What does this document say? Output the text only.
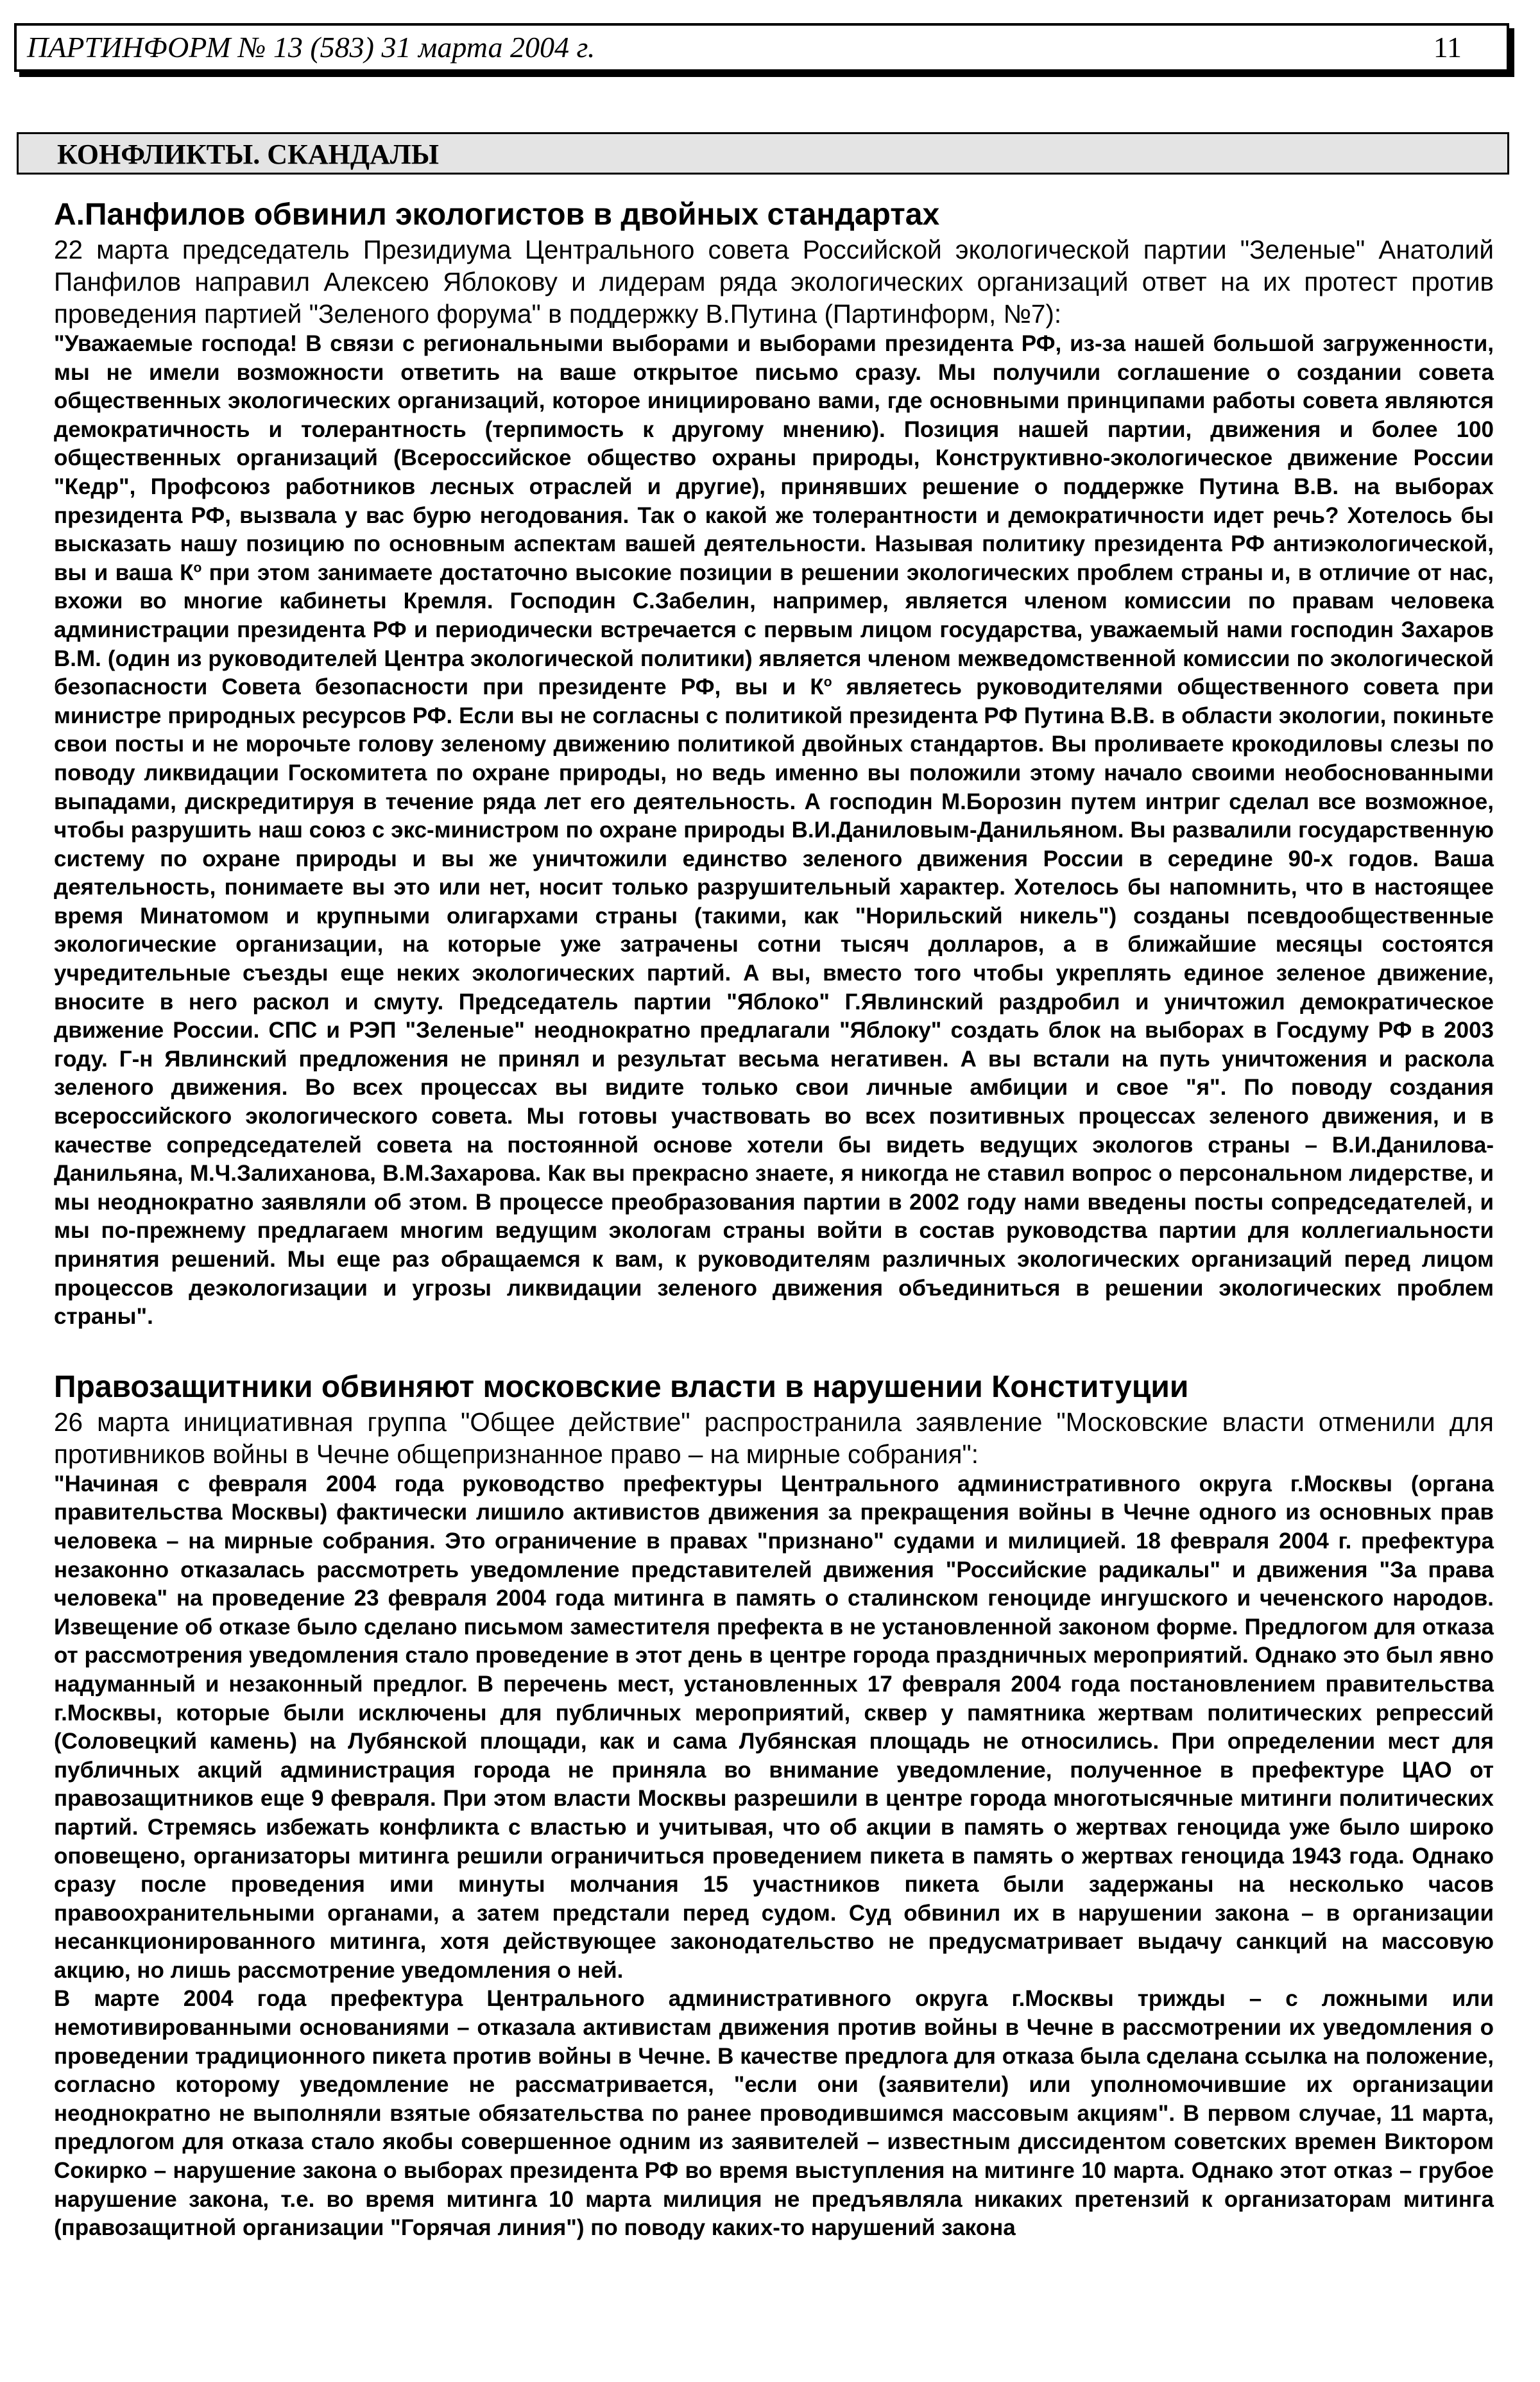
ПАРТИНФОРМ № 13 (583) 31 марта 2004 г.	11
КОНФЛИКТЫ. СКАНДАЛЫ
А.Панфилов обвинил экологистов в двойных стандартах

22 марта председатель Президиума Центрального совета Российской экологической партии "Зеленые" Анатолий Панфилов направил Алексею Яблокову и лидерам ряда экологических организаций ответ на их протест против проведения партией "Зеленого форума" в поддержку В.Путина (Партинформ, №7):

"Уважаемые господа! В связи с региональными выборами и выборами президента РФ, из-за нашей большой загруженности, мы не имели возможности ответить на ваше открытое письмо сразу. Мы получили соглашение о создании совета общественных экологических организаций, которое инициировано вами, где основными принципами работы совета являются демократичность и толерантность (терпимость к другому мнению). Позиция нашей партии, движения и более 100 общественных организаций (Всероссийское общество охраны природы, Конструктивно-экологическое движение России "Кедр", Профсоюз работников лесных отраслей и другие), принявших решение о поддержке Путина В.В. на выборах президента РФ, вызвала у вас бурю негодования. Так о какой же толерантности и демократичности идет речь? Хотелось бы высказать нашу позицию по основным аспектам вашей деятельности. Называя политику президента РФ антиэкологической, вы и ваша $К^о$ при этом занимаете достаточно высокие позиции в решении экологических проблем страны и, в отличие от нас, вхожи во многие кабинеты Кремля. Господин С.Забелин, например, является членом комиссии по правам человека администрации президента РФ и периодически встречается с первым лицом государства, уважаемый нами господин Захаров В.М. (один из руководителей Центра экологической политики) является членом межведомственной комиссии по экологической безопасности Совета безопасности при президенте РФ, вы и $К^о$ являетесь руководителями общественного совета при министре природных ресурсов РФ. Если вы не согласны с политикой президента РФ Путина В.В. в области экологии, покиньте свои посты и не морочьте голову зеленому движению политикой двойных стандартов. Вы проливаете крокодиловы слезы по поводу ликвидации Госкомитета по охране природы, но ведь именно вы положили этому начало своими необоснованными выпадами, дискредитируя в течение ряда лет его деятельность. А господин М.Борозин путем интриг сделал все возможное, чтобы разрушить наш союз с экс-министром по охране природы В.И.Даниловым-Данильяном. Вы развалили государственную систему по охране природы и вы же уничтожили единство зеленого движения России в середине 90-х годов. Ваша деятельность, понимаете вы это или нет, носит только разрушительный характер. Хотелось бы напомнить, что в настоящее время Минатомом и крупными олигархами страны (такими, как "Норильский никель") созданы псевдообщественные экологические организации, на которые уже затрачены сотни тысяч долларов, а в ближайшие месяцы состоятся учредительные съезды еще неких экологических партий. А вы, вместо того чтобы укреплять единое зеленое движение, вносите в него раскол и смуту. Председатель партии "Яблоко" Г.Явлинский раздробил и уничтожил демократическое движение России. СПС и РЭП "Зеленые" неоднократно предлагали "Яблоку" создать блок на выборах в Госдуму РФ в 2003 году. Г-н Явлинский предложения не принял и результат весьма негативен. А вы встали на путь уничтожения и раскола зеленого движения. Во всех процессах вы видите только свои личные амбиции и свое "я". По поводу создания всероссийского экологического совета. Мы готовы участвовать во всех позитивных процессах зеленого движения, и в качестве сопредседателей совета на постоянной основе хотели бы видеть ведущих экологов страны – В.И.Данилова-Данильяна, М.Ч.Залиханова, В.М.Захарова. Как вы прекрасно знаете, я никогда не ставил вопрос о персональном лидерстве, и мы неоднократно заявляли об этом. В процессе преобразования партии в 2002 году нами введены посты сопредседателей, и мы по-прежнему предлагаем многим ведущим экологам страны войти в состав руководства партии для коллегиальности принятия решений. Мы еще раз обращаемся к вам, к руководителям различных экологических организаций перед лицом процессов деэкологизации и угрозы ликвидации зеленого движения объединиться в решении экологических проблем страны".

Правозащитники обвиняют московские власти в нарушении Конституции

26 марта инициативная группа "Общее действие" распространила заявление "Московские власти отменили для противников войны в Чечне общепризнанное право – на мирные собрания":

"Начиная с февраля 2004 года руководство префектуры Центрального административного округа г.Москвы (органа правительства Москвы) фактически лишило активистов движения за прекращения войны в Чечне одного из основных прав человека – на мирные собрания. Это ограничение в правах "признано" судами и милицией. 18 февраля 2004 г. префектура незаконно отказалась рассмотреть уведомление представителей движения "Российские радикалы" и движения "За права человека" на проведение 23 февраля 2004 года митинга в память о сталинском геноциде ингушского и чеченского народов. Извещение об отказе было сделано письмом заместителя префекта в не установленной законом форме. Предлогом для отказа от рассмотрения уведомления стало проведение в этот день в центре города праздничных мероприятий. Однако это был явно надуманный и незаконный предлог. В перечень мест, установленных 17 февраля 2004 года постановлением правительства г.Москвы, которые были исключены для публичных мероприятий, сквер у памятника жертвам политических репрессий (Соловецкий камень) на Лубянской площади, как и сама Лубянская площадь не относились. При определении мест для публичных акций администрация города не приняла во внимание уведомление, полученное в префектуре ЦАО от правозащитников еще 9 февраля. При этом власти Москвы разрешили в центре города многотысячные митинги политических партий. Стремясь избежать конфликта с властью и учитывая, что об акции в память о жертвах геноцида уже было широко оповещено, организаторы митинга решили ограничиться проведением пикета в память о жертвах геноцида 1943 года. Однако сразу после проведения ими минуты молчания 15 участников пикета были задержаны на несколько часов правоохранительными органами, а затем предстали перед судом. Суд обвинил их в нарушении закона – в организации несанкционированного митинга, хотя действующее законодательство не предусматривает выдачу санкций на массовую акцию, но лишь рассмотрение уведомления о ней.

В марте 2004 года префектура Центрального административного округа г.Москвы трижды – с ложными или немотивированными основаниями – отказала активистам движения против войны в Чечне в рассмотрении их уведомления о проведении традиционного пикета против войны в Чечне. В качестве предлога для отказа была сделана ссылка на положение, согласно которому уведомление не рассматривается, "если они (заявители) или уполномочившие их организации неоднократно не выполняли взятые обязательства по ранее проводившимся массовым акциям". В первом случае, 11 марта, предлогом для отказа стало якобы совершенное одним из заявителей – известным диссидентом советских времен Виктором Сокирко – нарушение закона о выборах президента РФ во время выступления на митинге 10 марта. Однако этот отказ – грубое нарушение закона, т.е. во время митинга 10 марта милиция не предъявляла никаких претензий к организаторам митинга (правозащитной организации "Горячая линия") по поводу каких-то нарушений закона
